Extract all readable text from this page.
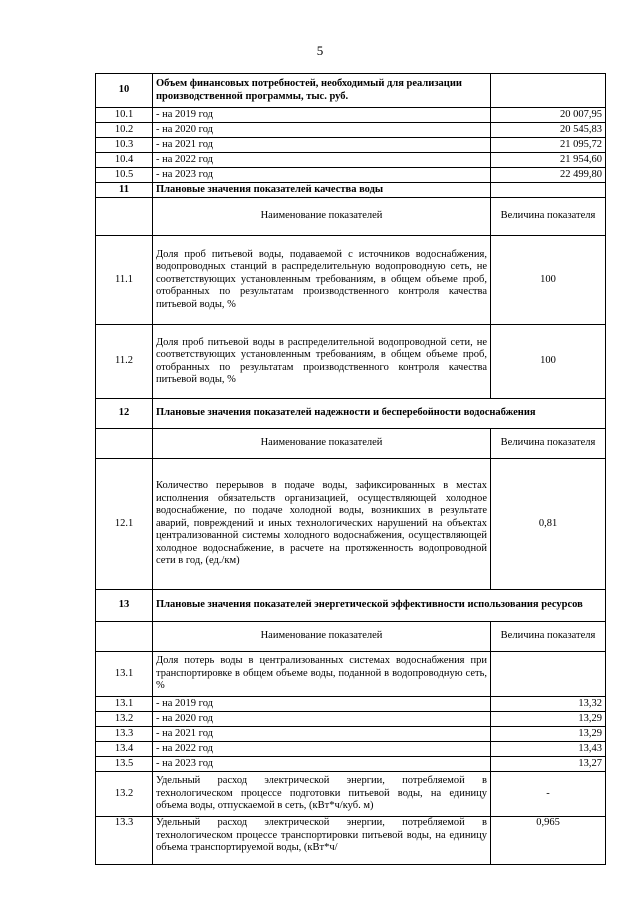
5
10	Объем финансовых потребностей, необходимый для реализации производственной программы, тыс. руб.	
10.1	- на 2019 год	20 007,95
10.2	- на 2020 год	20 545,83
10.3	- на 2021 год	21 095,72
10.4	- на 2022 год	21 954,60
10.5	- на 2023 год	22 499,80
11	Плановые значения показателей качества воды	
	Наименование показателей	Величина показателя
11.1	Доля проб питьевой воды, подаваемой с источников водоснабжения, водопроводных станций в распределительную водопроводную сеть, не соответствующих установленным требованиям, в общем объеме проб, отобранных по результатам производственного контроля качества питьевой воды, %	100
11.2	Доля проб питьевой воды в распределительной водопроводной сети, не соответствующих установленным требованиям, в общем объеме проб, отобранных по результатам производственного контроля качества питьевой воды, %	100
12	Плановые значения показателей надежности и бесперебойности водоснабжения	
	Наименование показателей	Величина показателя
12.1	Количество перерывов в подаче воды, зафиксированных в местах исполнения обязательств организацией, осуществляющей холодное водоснабжение, по подаче холодной воды, возникших в результате аварий, повреждений и иных технологических нарушений на объектах централизованной системы холодного водоснабжения, осуществляющей холодное водоснабжение, в расчете на протяженность водопроводной сети в год, (ед./км)	0,81
13	Плановые значения показателей энергетической эффективности использования ресурсов	
	Наименование показателей	Величина показателя
13.1	Доля потерь воды в централизованных системах водоснабжения при транспортировке в общем объеме воды, поданной в водопроводную сеть, %	
13.1	- на 2019 год	13,32
13.2	- на 2020 год	13,29
13.3	- на 2021 год	13,29
13.4	- на 2022 год	13,43
13.5	- на 2023 год	13,27
13.2	Удельный расход электрической энергии, потребляемой в технологическом процессе подготовки питьевой воды, на единицу объема воды, отпускаемой в сеть, (кВт*ч/куб. м)	-
13.3	Удельный расход электрической энергии, потребляемой в технологическом процессе транспортировки питьевой воды, на единицу объема транспортируемой воды, (кВт*ч/	0,965
